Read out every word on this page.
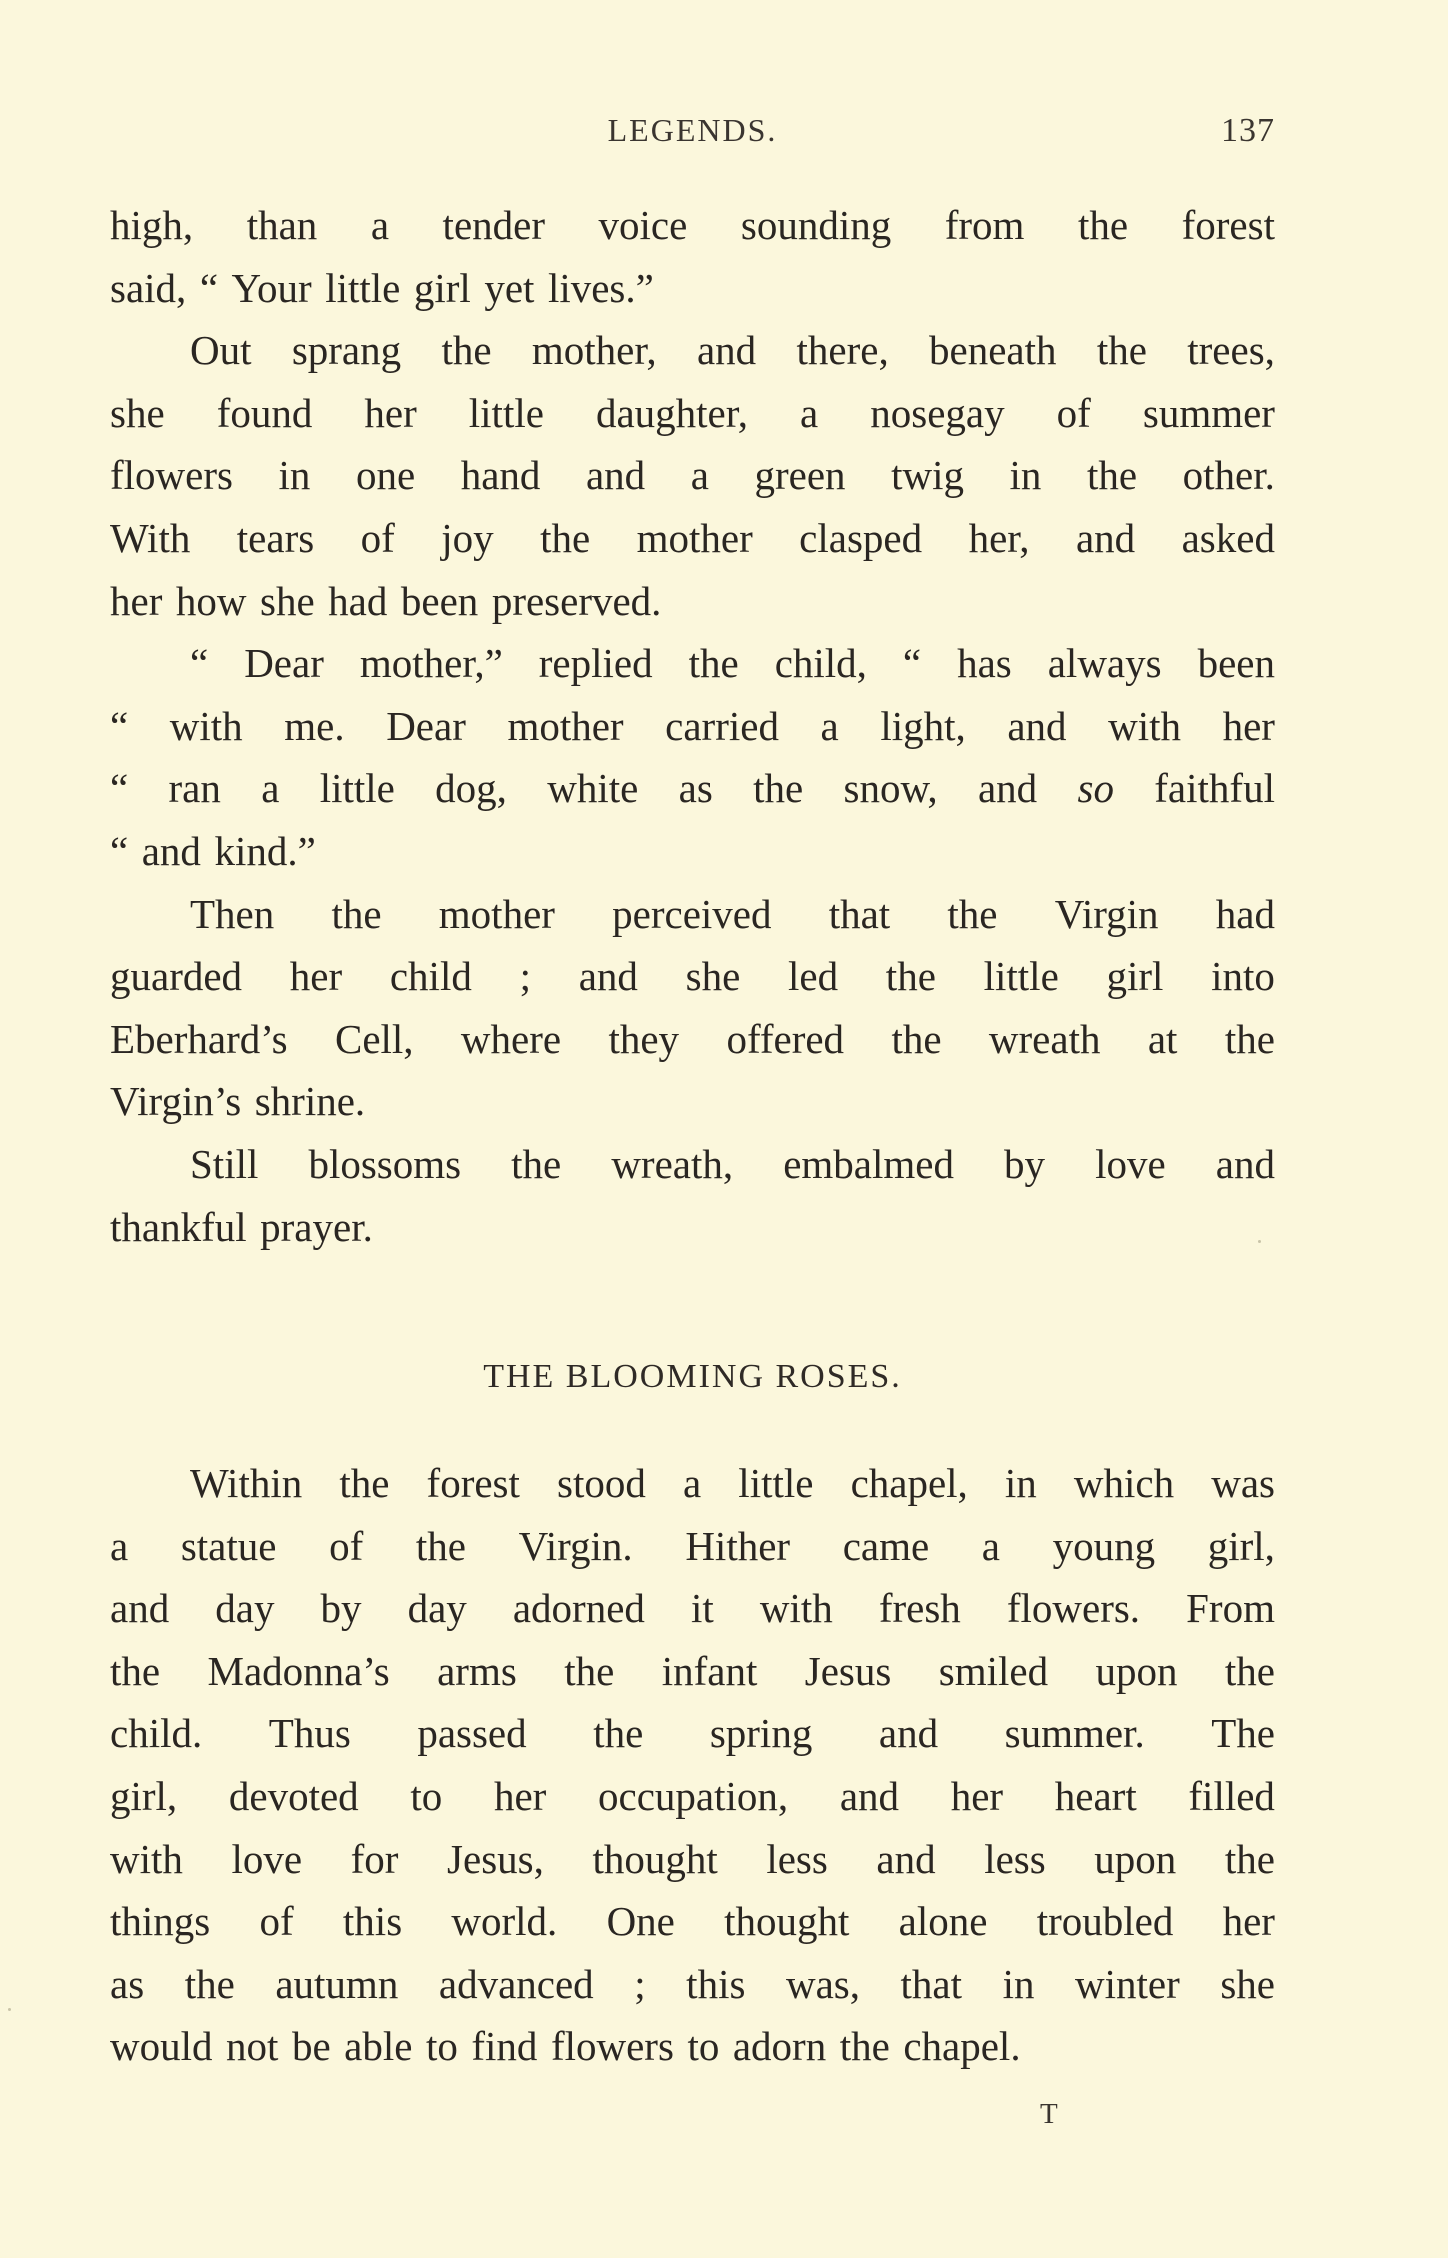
LEGENDS.	137
high, than a tender voice sounding from the forest
said, “ Your little girl yet lives.”
Out sprang the mother, and there, beneath the trees,
she found her little daughter, a nosegay of summer
flowers in one hand and a green twig in the other.
With tears of joy the mother clasped her, and asked
her how she had been preserved.
“ Dear mother,” replied the child, “ has always been
“ with me. Dear mother carried a light, and with her
“ ran a little dog, white as the snow, and so faithful
“ and kind.”
Then the mother perceived that the Virgin had
guarded her child ; and she led the little girl into
Eberhard’s Cell, where they offered the wreath at the
Virgin’s shrine.
Still blossoms the wreath, embalmed by love and
thankful prayer.
THE BLOOMING ROSES.
Within the forest stood a little chapel, in which was
a statue of the Virgin. Hither came a young girl,
and day by day adorned it with fresh flowers. From
the Madonna’s arms the infant Jesus smiled upon the
child. Thus passed the spring and summer. The
girl, devoted to her occupation, and her heart filled
with love for Jesus, thought less and less upon the
things of this world. One thought alone troubled her
as the autumn advanced ; this was, that in winter she
would not be able to find flowers to adorn the chapel.
T
